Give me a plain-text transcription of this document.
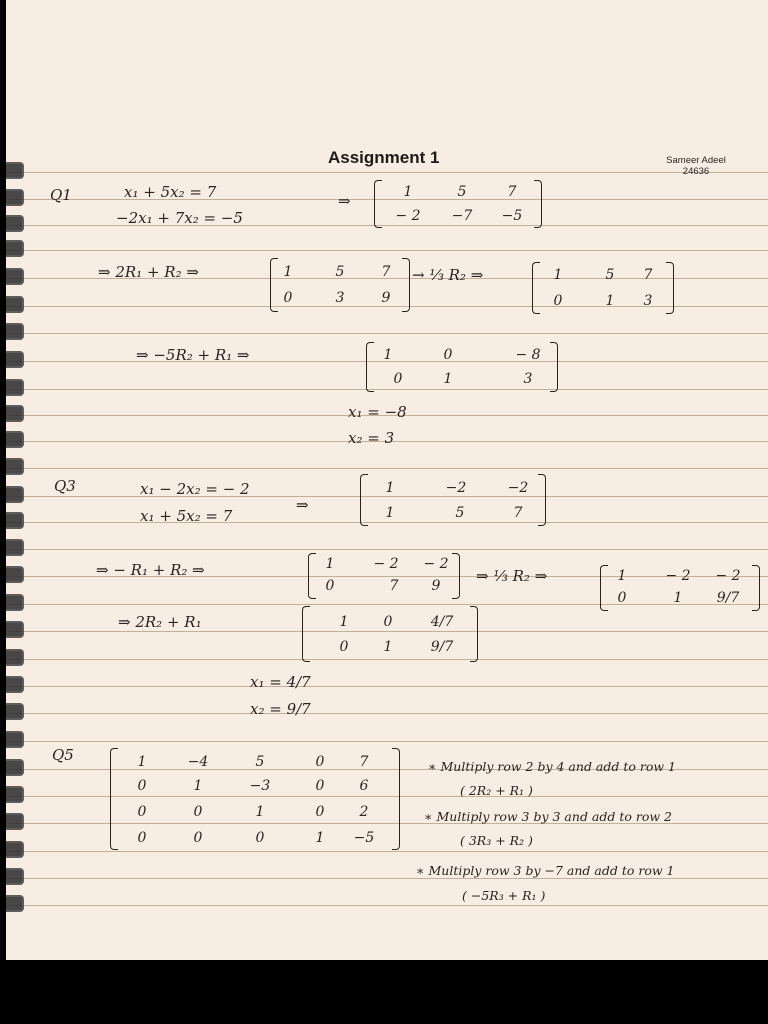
Assignment 1	Sameer Adeel
24636
Q1	x₁ + 5x₂ = 7
−2x₁ + 7x₂ = −5
⇒	1	5	7
− 2	−7	−5
⇒ 2R₁ + R₂ ⇒	1	5	7
0	3	9
→ ⅓ R₂ ⇒	1	5	7
0	1	3
⇒ −5R₂ + R₁ ⇒	1	0	− 8
0	1	3
x₁ = −8
x₂ = 3
Q3	x₁ − 2x₂ = − 2
x₁ + 5x₂ = 7
⇒
1	−2	−2
1	5	7
⇒ − R₁ + R₂ ⇒	1	− 2	− 2
0	7	9
⇒ ⅓ R₂ ⇒	1	− 2	− 2
0	1	9/7
⇒ 2R₂ + R₁	1	0	4/7
0	1	9/7
x₁ = 4/7
x₂ = 9/7
Q5	1	−4	5	0	7
0	1	−3	0	6
0	0	1	0	2
0	0	0	1	−5
∗ Multiply row 2 by 4 and add to row 1
( 2R₂ + R₁ )
∗ Multiply row 3 by 3 and add to row 2
( 3R₃ + R₂ )
∗ Multiply row 3 by −7 and add to row 1
( −5R₃ + R₁ )
